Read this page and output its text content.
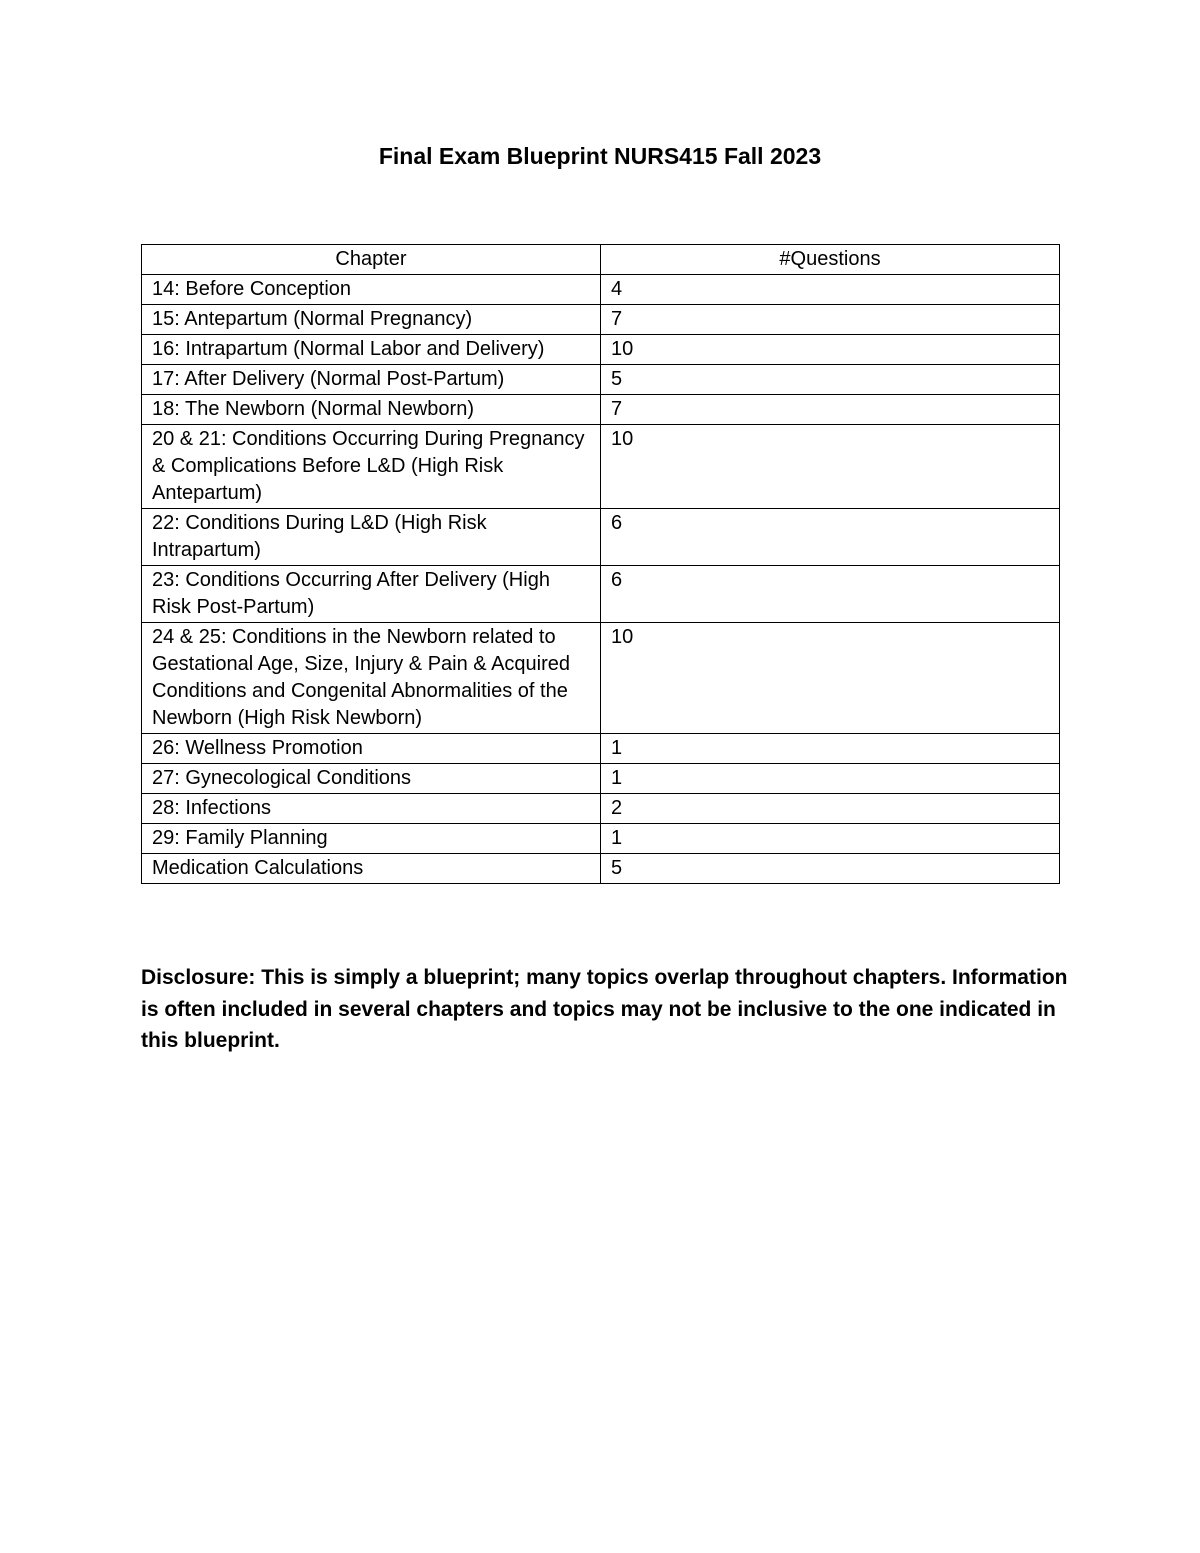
Final Exam Blueprint NURS415 Fall 2023
Chapter	#Questions
14: Before Conception	4
15: Antepartum (Normal Pregnancy)	7
16: Intrapartum (Normal Labor and Delivery)	10
17: After Delivery (Normal Post-Partum)	5
18: The Newborn (Normal Newborn)	7
20 & 21: Conditions Occurring During Pregnancy & Complications Before L&D (High Risk Antepartum)	10
22: Conditions During L&D (High Risk Intrapartum)	6
23: Conditions Occurring After Delivery (High Risk Post-Partum)	6
24 & 25: Conditions in the Newborn related to Gestational Age, Size, Injury & Pain & Acquired Conditions and Congenital Abnormalities of the Newborn (High Risk Newborn)	10
26: Wellness Promotion	1
27: Gynecological Conditions	1
28: Infections	2
29: Family Planning	1
Medication Calculations	5
Disclosure: This is simply a blueprint; many topics overlap throughout chapters. Information is often included in several chapters and topics may not be inclusive to the one indicated in this blueprint.
